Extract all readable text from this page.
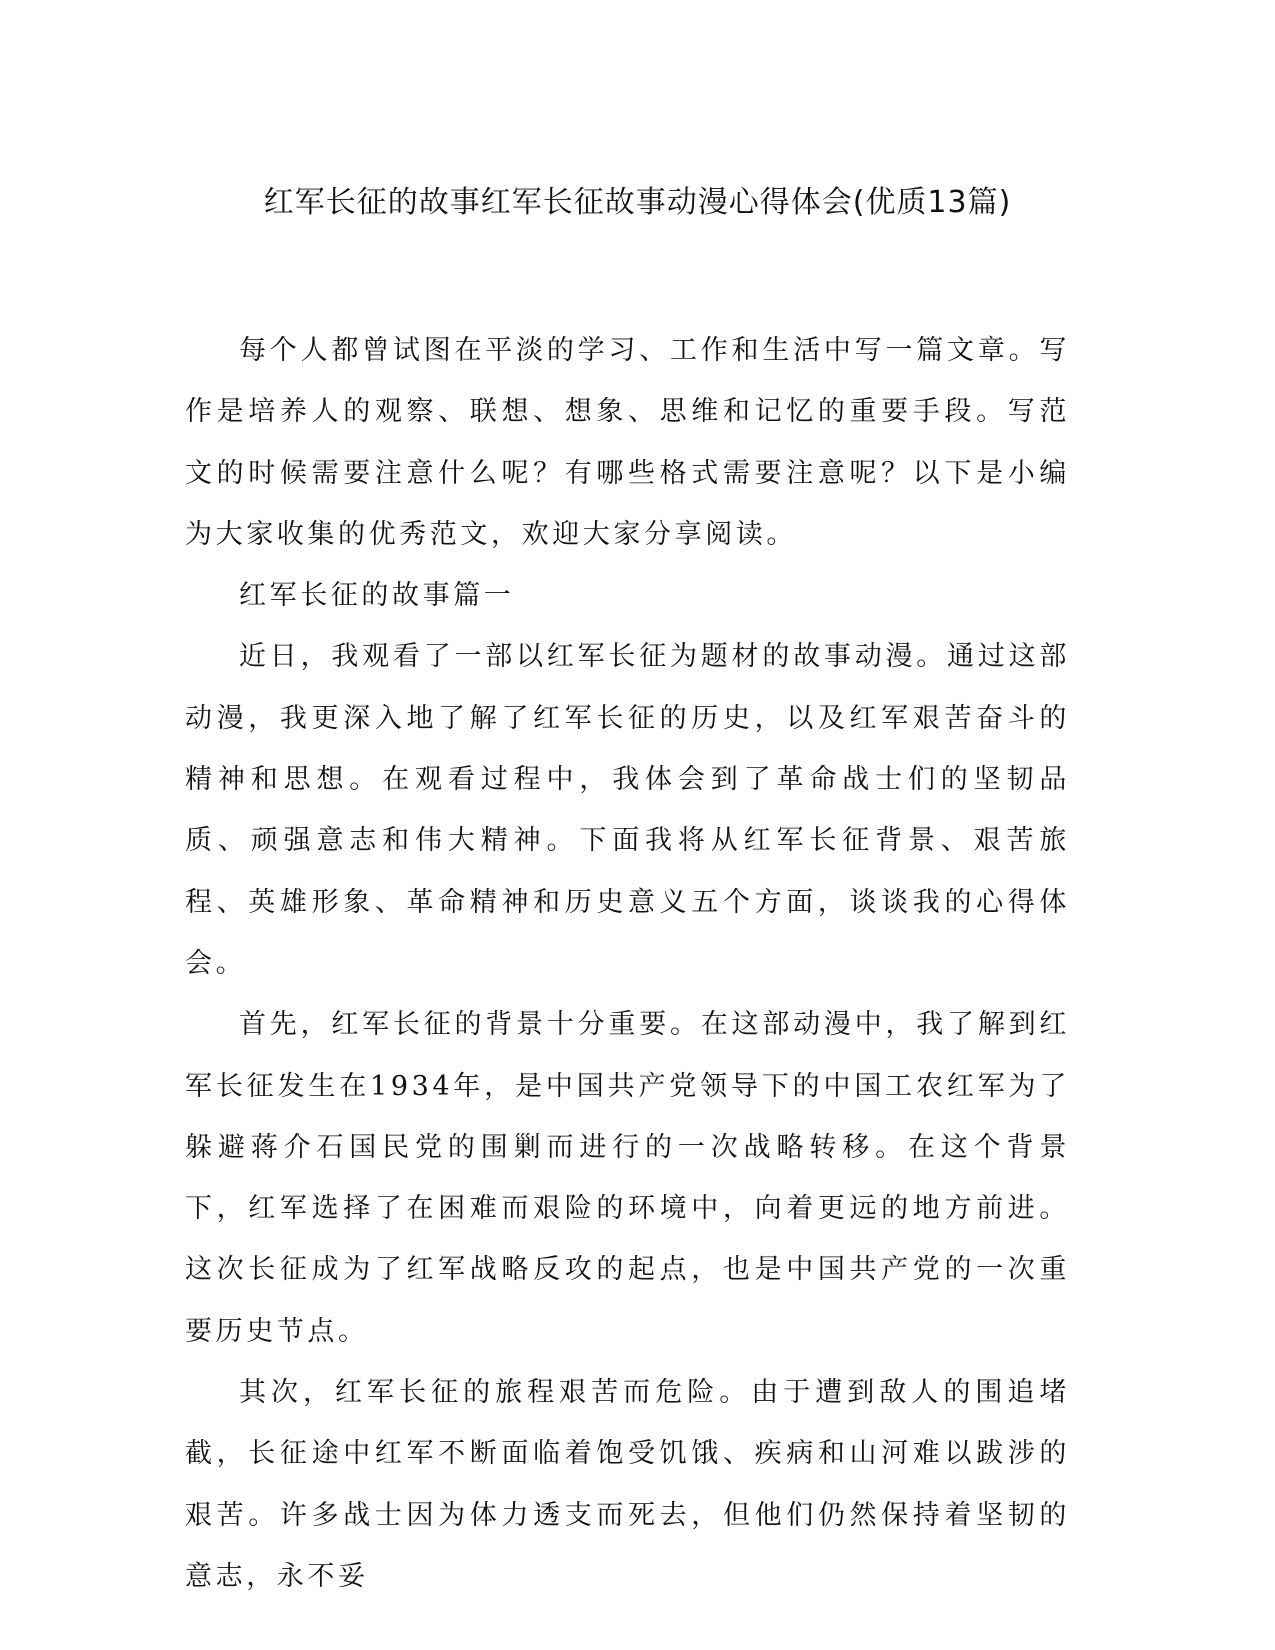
红军长征的故事红军长征故事动漫心得体会(优质13篇)

每个人都曾试图在平淡的学习、工作和生活中写一篇文章。写作是培养人的观察、联想、想象、思维和记忆的重要手段。写范文的时候需要注意什么呢？有哪些格式需要注意呢？以下是小编为大家收集的优秀范文，欢迎大家分享阅读。

红军长征的故事篇一

近日，我观看了一部以红军长征为题材的故事动漫。通过这部动漫，我更深入地了解了红军长征的历史，以及红军艰苦奋斗的精神和思想。在观看过程中，我体会到了革命战士们的坚韧品质、顽强意志和伟大精神。下面我将从红军长征背景、艰苦旅程、英雄形象、革命精神和历史意义五个方面，谈谈我的心得体会。

首先，红军长征的背景十分重要。在这部动漫中，我了解到红军长征发生在1934年，是中国共产党领导下的中国工农红军为了躲避蒋介石国民党的围剿而进行的一次战略转移。在这个背景下，红军选择了在困难而艰险的环境中，向着更远的地方前进。这次长征成为了红军战略反攻的起点，也是中国共产党的一次重要历史节点。

其次，红军长征的旅程艰苦而危险。由于遭到敌人的围追堵截，长征途中红军不断面临着饱受饥饿、疾病和山河难以跋涉的艰苦。许多战士因为体力透支而死去，但他们仍然保持着坚韧的意志，永不妥
